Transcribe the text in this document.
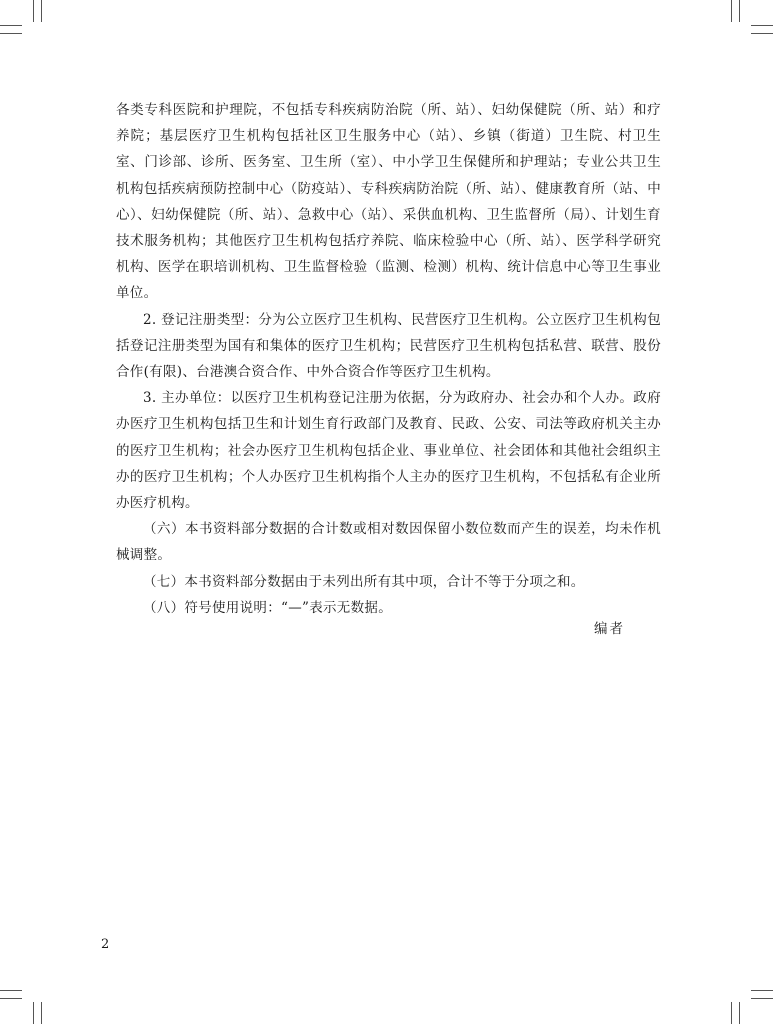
各类专科医院和护理院，不包括专科疾病防治院（所、站）、妇幼保健院（所、站）和疗养院；基层医疗卫生机构包括社区卫生服务中心（站）、乡镇（街道）卫生院、村卫生室、门诊部、诊所、医务室、卫生所（室）、中小学卫生保健所和护理站；专业公共卫生机构包括疾病预防控制中心（防疫站）、专科疾病防治院（所、站）、健康教育所（站、中心）、妇幼保健院（所、站）、急救中心（站）、采供血机构、卫生监督所（局）、计划生育技术服务机构；其他医疗卫生机构包括疗养院、临床检验中心（所、站）、医学科学研究机构、医学在职培训机构、卫生监督检验（监测、检测）机构、统计信息中心等卫生事业单位。

2. 登记注册类型：分为公立医疗卫生机构、民营医疗卫生机构。公立医疗卫生机构包括登记注册类型为国有和集体的医疗卫生机构；民营医疗卫生机构包括私营、联营、股份合作(有限)、台港澳合资合作、中外合资合作等医疗卫生机构。

3. 主办单位：以医疗卫生机构登记注册为依据，分为政府办、社会办和个人办。政府办医疗卫生机构包括卫生和计划生育行政部门及教育、民政、公安、司法等政府机关主办的医疗卫生机构；社会办医疗卫生机构包括企业、事业单位、社会团体和其他社会组织主办的医疗卫生机构；个人办医疗卫生机构指个人主办的医疗卫生机构，不包括私有企业所办医疗机构。

（六）本书资料部分数据的合计数或相对数因保留小数位数而产生的误差，均未作机械调整。

（七）本书资料部分数据由于未列出所有其中项，合计不等于分项之和。

（八）符号使用说明：“—”表示无数据。

编者
2
